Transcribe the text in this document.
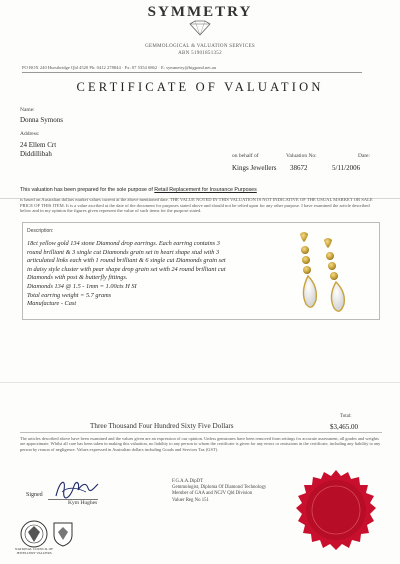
SYMMETRY
GEMMOLOGICAL & VALUATION SERVICES
ABN 51901851352
PO BOX 240 Hurstbridge Qld 4520 Ph: 0412 278844 · Fx: 07 5354 6862 · E: symmetry@bigpond.net.au
CERTIFICATE OF VALUATION
Name:
Donna Symons
Address:
24 Ellem Crt
Diddillibah	on behalf of
Kings Jewellers
Valuation No:
38672
Date:
5/11/2006
This valuation has been prepared for the sole purpose of Retail Replacement for Insurance Purposes
is based on Australian dollars market values current at the above mentioned date. THE VALUE NOTED IN THIS VALUATION IS NOT INDICATIVE OF THE USUAL MARKET OR SALE PRICE OF THIS ITEM. It is a value ascribed at the date of the document for purposes stated above and should not be relied upon for any other purpose. I have examined the article described below and in my opinion the figures given represent the value of such items for the purpose stated.
Description:
18ct yellow gold 134 stone Diamond drop earrings. Each earring contains 3
round brilliant & 3 single cut Diamonds grain set in heart shape stud with 3
articulated links each with 1 round brilliant & 6 single cut Diamonds grain set
in daisy style cluster with pear shape drop grain set with 24 round brilliant cut
Diamonds with post & butterfly fittings.
Diamonds 134 @ 1.5 - 1mm = 1.00cts H SI
Total earring weight = 5.7 grams
Manufacture - Cast
Total:
Three Thousand Four Hundred Sixty Five Dollars	$3,465.00
The articles described above have been examined and the values given are an expression of our opinion. Unless gemstones have been removed from settings for accurate assessment, all grades and weights are approximate. Whilst all care has been taken in making this valuation, no liability to any person to whom the certificate is given for any errors or omissions in the certificate, including any liability to any person by reason of negligence. Values expressed in Australian dollars including Goods and Services Tax (GST).
Signed
Kym Hughes
F.G.A.A.DipDT
Gemmologist, Diploma Of Diamond Technology
Member of GAA and NCJV Qld Division
Valuer Reg No 151
NATIONAL COUNCIL OF
JEWELLERY VALUERS
